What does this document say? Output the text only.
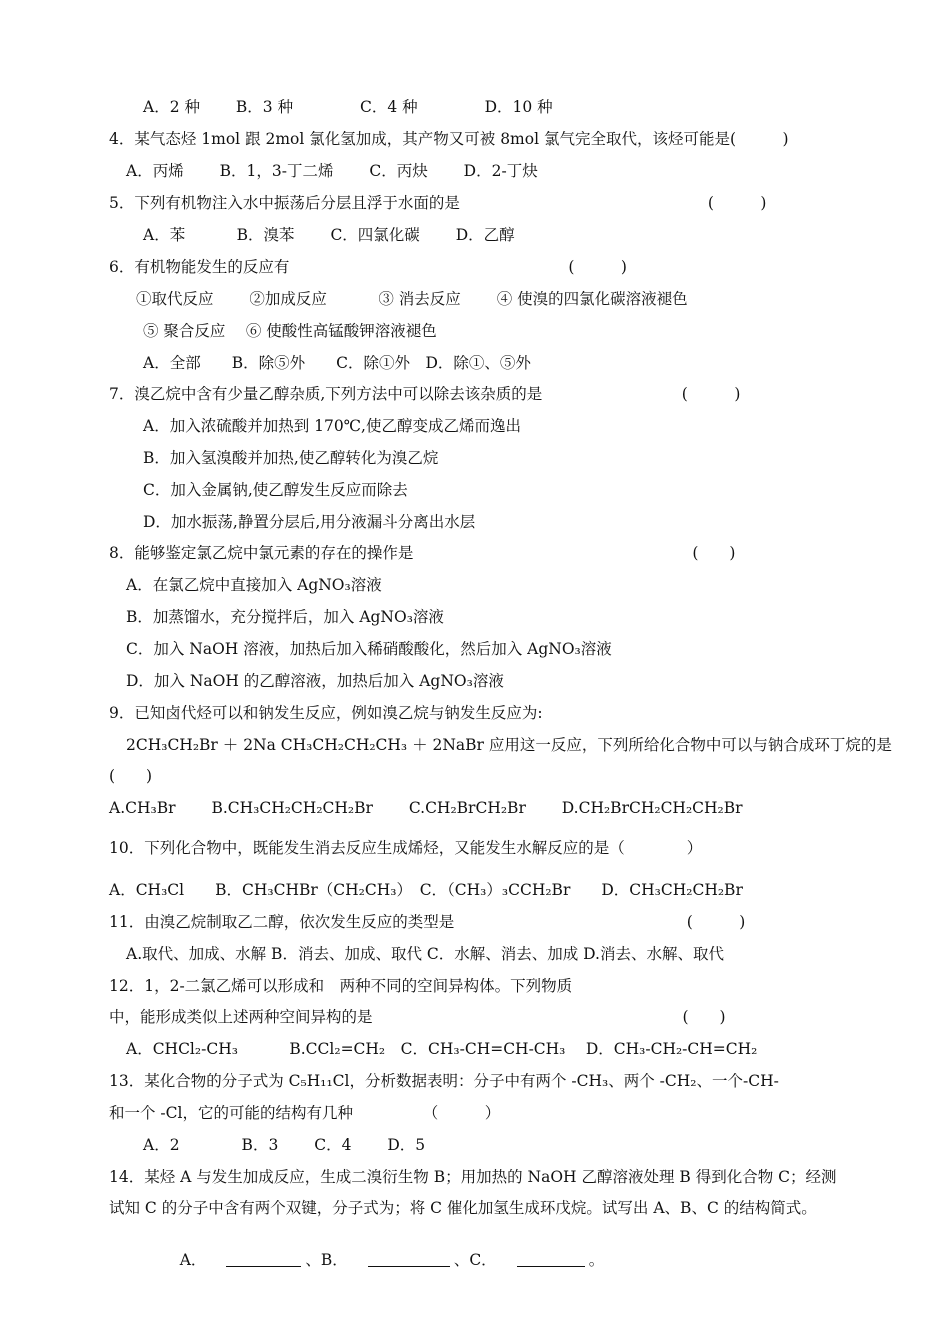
A．2 种　　 B．3 种　　　　 C．4 种　　　　 D．10 种
4．某气态烃 1mol 跟 2mol 氯化氢加成，其产物又可被 8mol 氯气完全取代，该烃可能是(　　　)
A．丙烯　　 B．1，3-丁二烯　　 C．丙炔　　 D．2-丁炔
5．下列有机物注入水中振荡后分层且浮于水面的是　　　　　　　　　　　　　　　　(　　　)
A．苯　　　 B．溴苯　　 C．四氯化碳　　 D．乙醇
6．有机物能发生的反应有　　　　　　　　　　　　　　　　　　(　　　)
①取代反应　　 ②加成反应　　　 ③ 消去反应　　 ④ 使溴的四氯化碳溶液褪色
⑤ 聚合反应　 ⑥ 使酸性高锰酸钾溶液褪色
A．全部　　B．除⑤外　　C．除①外　D．除①、⑤外
7．溴乙烷中含有少量乙醇杂质,下列方法中可以除去该杂质的是　　　　　　　　　(　　　)
A．加入浓硫酸并加热到 170℃,使乙醇变成乙烯而逸出
B．加入氢溴酸并加热,使乙醇转化为溴乙烷
C．加入金属钠,使乙醇发生反应而除去
D．加水振荡,静置分层后,用分液漏斗分离出水层
8．能够鉴定氯乙烷中氯元素的存在的操作是　　　　　　　　　　　　　　　　　　(　　)
A．在氯乙烷中直接加入 AgNO₃溶液
B．加蒸馏水，充分搅拌后，加入 AgNO₃溶液
C．加入 NaOH 溶液，加热后加入稀硝酸酸化，然后加入 AgNO₃溶液
D．加入 NaOH 的乙醇溶液，加热后加入 AgNO₃溶液
9．已知卤代烃可以和钠发生反应，例如溴乙烷与钠发生反应为:
2CH₃CH₂Br ＋ 2Na CH₃CH₂CH₂CH₃ ＋ 2NaBr 应用这一反应，下列所给化合物中可以与钠合成环丁烷的是
(　　)
A.CH₃Br　　 B.CH₃CH₂CH₂CH₂Br　　 C.CH₂BrCH₂Br　　 D.CH₂BrCH₂CH₂CH₂Br
10．下列化合物中，既能发生消去反应生成烯烃，又能发生水解反应的是（　　　　）
A．CH₃Cl　　B．CH₃CHBr（CH₂CH₃）　C．（CH₃）₃CCH₂Br　　D．CH₃CH₂CH₂Br
11．由溴乙烷制取乙二醇，依次发生反应的类型是　　　　　　　　　　　　　　　(　　　)
A.取代、加成、水解 B．消去、加成、取代 C．水解、消去、加成 D.消去、水解、取代
12．1，2-二氯乙烯可以形成和　两种不同的空间异构体。下列物质
中，能形成类似上述两种空间异构的是　　　　　　　　　　　　　　　　　　　　(　　)
A．CHCl₂-CH₃　　　 B.CCl₂=CH₂　C．CH₃-CH=CH-CH₃　 D．CH₃-CH₂-CH=CH₂
13．某化合物的分子式为 C₅H₁₁Cl，分析数据表明：分子中有两个 -CH₃、两个 -CH₂、一个-CH-
和一个 -Cl，它的可能的结构有几种　　　　　（　　　）
A．2　　　　B．3　　 C．4　　 D．5
14．某烃 A 与发生加成反应，生成二溴衍生物 B；用加热的 NaOH 乙醇溶液处理 B 得到化合物 C；经测
试知 C 的分子中含有两个双键，分子式为；将 C 催化加氢生成环戊烷。试写出 A、B、C 的结构简式。

A．	、B．	、C．	。
